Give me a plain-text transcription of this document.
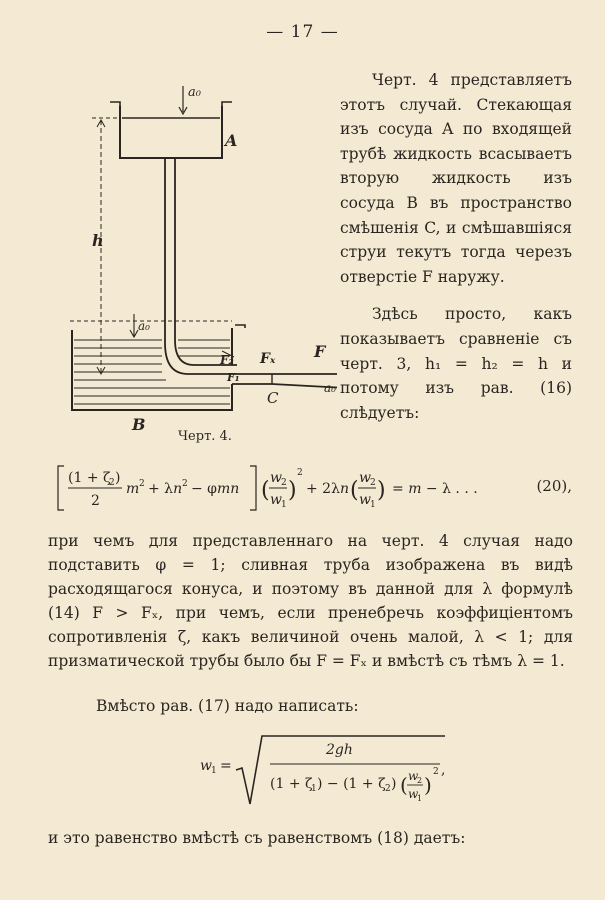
— 17 —
a₀
A
h
a₀
F₂
F₁
Fₓ F
C
a₀
B
Черт. 4.

Черт. 4 представляетъ этотъ случай. Стекающая изъ сосуда A по входящей трубѣ жидкость всасываетъ вторую жидкость изъ сосуда B въ пространство смѣшенія C, и смѣшавшіяся струи текутъ тогда черезъ отверстіе F наружу.

Здѣсь просто, какъ показываетъ сравненіе съ черт. 3, h₁ = h₂ = h и потому изъ рав. (16) слѣдуетъ:

(1 + ζ
2 )
2
m 2 + λn 2 − φmn ( w 2
w 1
)
2
+ 2λn ( w 2
w 1
) = m − λ . . .	(20),

при чемъ для представленнаго на черт. 4 случая надо подставить φ = 1; сливная труба изображена въ видѣ расходящагося конуса, и поэтому въ данной для λ формулѣ (14) F > Fₓ, при чемъ, если пренебречь коэффиціентомъ сопротивленія ζ, какъ величиной очень малой, λ < 1; для призматической трубы было бы F = Fₓ и вмѣстѣ съ тѣмъ λ = 1.

Вмѣсто рав. (17) надо написать:
w 1 =
2gh
(1 + ζ
1 ) − (1 + ζ 2 ) ( w
2
w
1
)
2 ,
и это равенство вмѣстѣ съ равенствомъ (18) даетъ:
